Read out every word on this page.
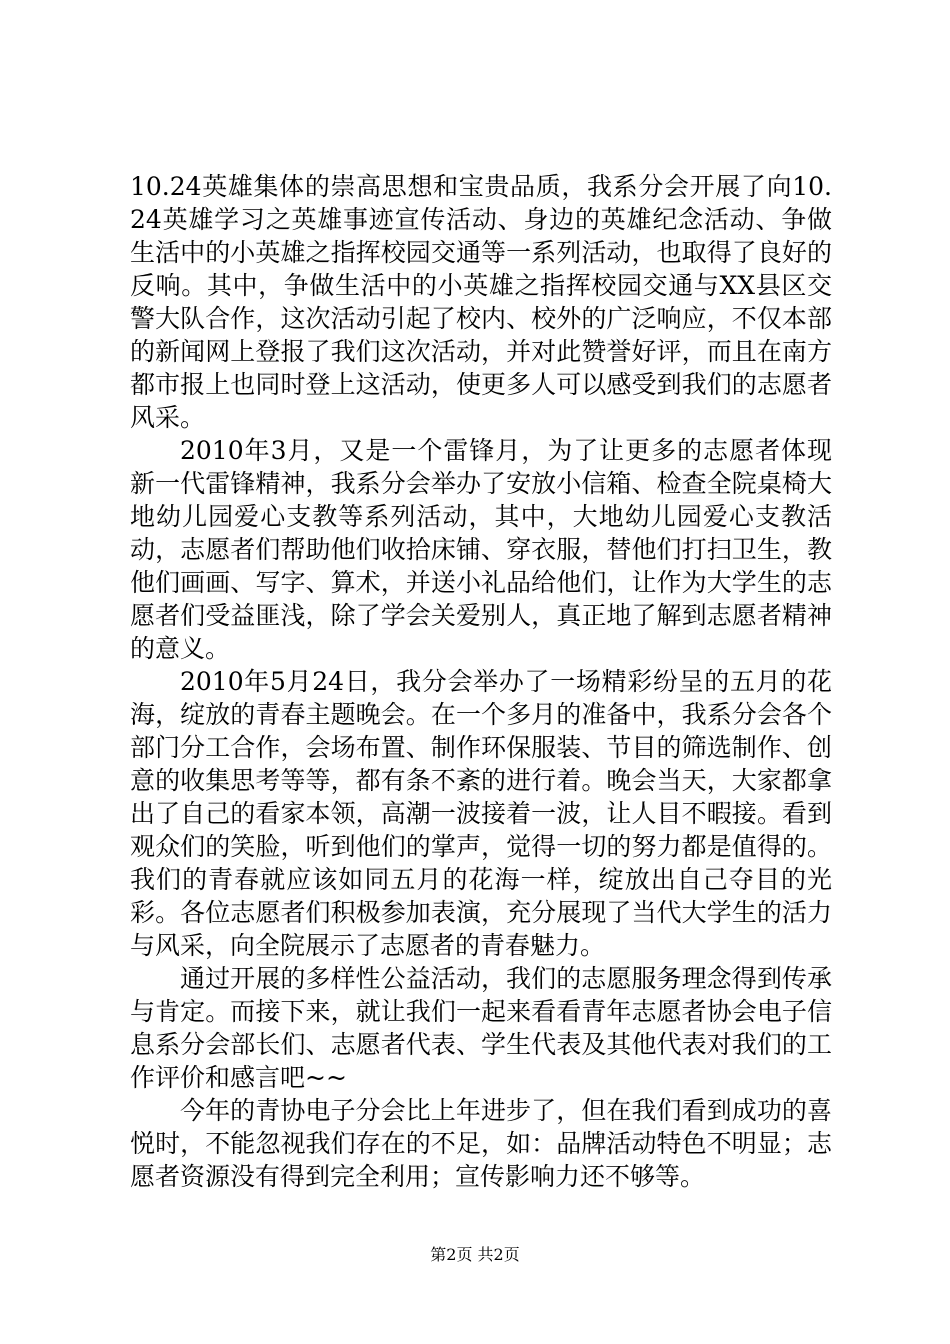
10.24英雄集体的崇高思想和宝贵品质，我系分会开展了向10.24英雄学习之英雄事迹宣传活动、身边的英雄纪念活动、争做生活中的小英雄之指挥校园交通等一系列活动，也取得了良好的反响。其中，争做生活中的小英雄之指挥校园交通与XX县区交警大队合作，这次活动引起了校内、校外的广泛响应，不仅本部的新闻网上登报了我们这次活动，并对此赞誉好评，而且在南方都市报上也同时登上这活动，使更多人可以感受到我们的志愿者风采。

2010年3月，又是一个雷锋月，为了让更多的志愿者体现新一代雷锋精神，我系分会举办了安放小信箱、检查全院桌椅大地幼儿园爱心支教等系列活动，其中，大地幼儿园爱心支教活动，志愿者们帮助他们收拾床铺、穿衣服，替他们打扫卫生，教他们画画、写字、算术，并送小礼品给他们，让作为大学生的志愿者们受益匪浅，除了学会关爱别人，真正地了解到志愿者精神的意义。

2010年5月24日，我分会举办了一场精彩纷呈的五月的花海，绽放的青春主题晚会。在一个多月的准备中，我系分会各个部门分工合作，会场布置、制作环保服装、节目的筛选制作、创意的收集思考等等，都有条不紊的进行着。晚会当天，大家都拿出了自己的看家本领，高潮一波接着一波，让人目不暇接。看到观众们的笑脸，听到他们的掌声，觉得一切的努力都是值得的。我们的青春就应该如同五月的花海一样，绽放出自己夺目的光彩。各位志愿者们积极参加表演，充分展现了当代大学生的活力与风采，向全院展示了志愿者的青春魅力。

通过开展的多样性公益活动，我们的志愿服务理念得到传承与肯定。而接下来，就让我们一起来看看青年志愿者协会电子信息系分会部长们、志愿者代表、学生代表及其他代表对我们的工作评价和感言吧~~

今年的青协电子分会比上年进步了，但在我们看到成功的喜悦时，不能忽视我们存在的不足，如：品牌活动特色不明显；志愿者资源没有得到完全利用；宣传影响力还不够等。

第2页 共2页
